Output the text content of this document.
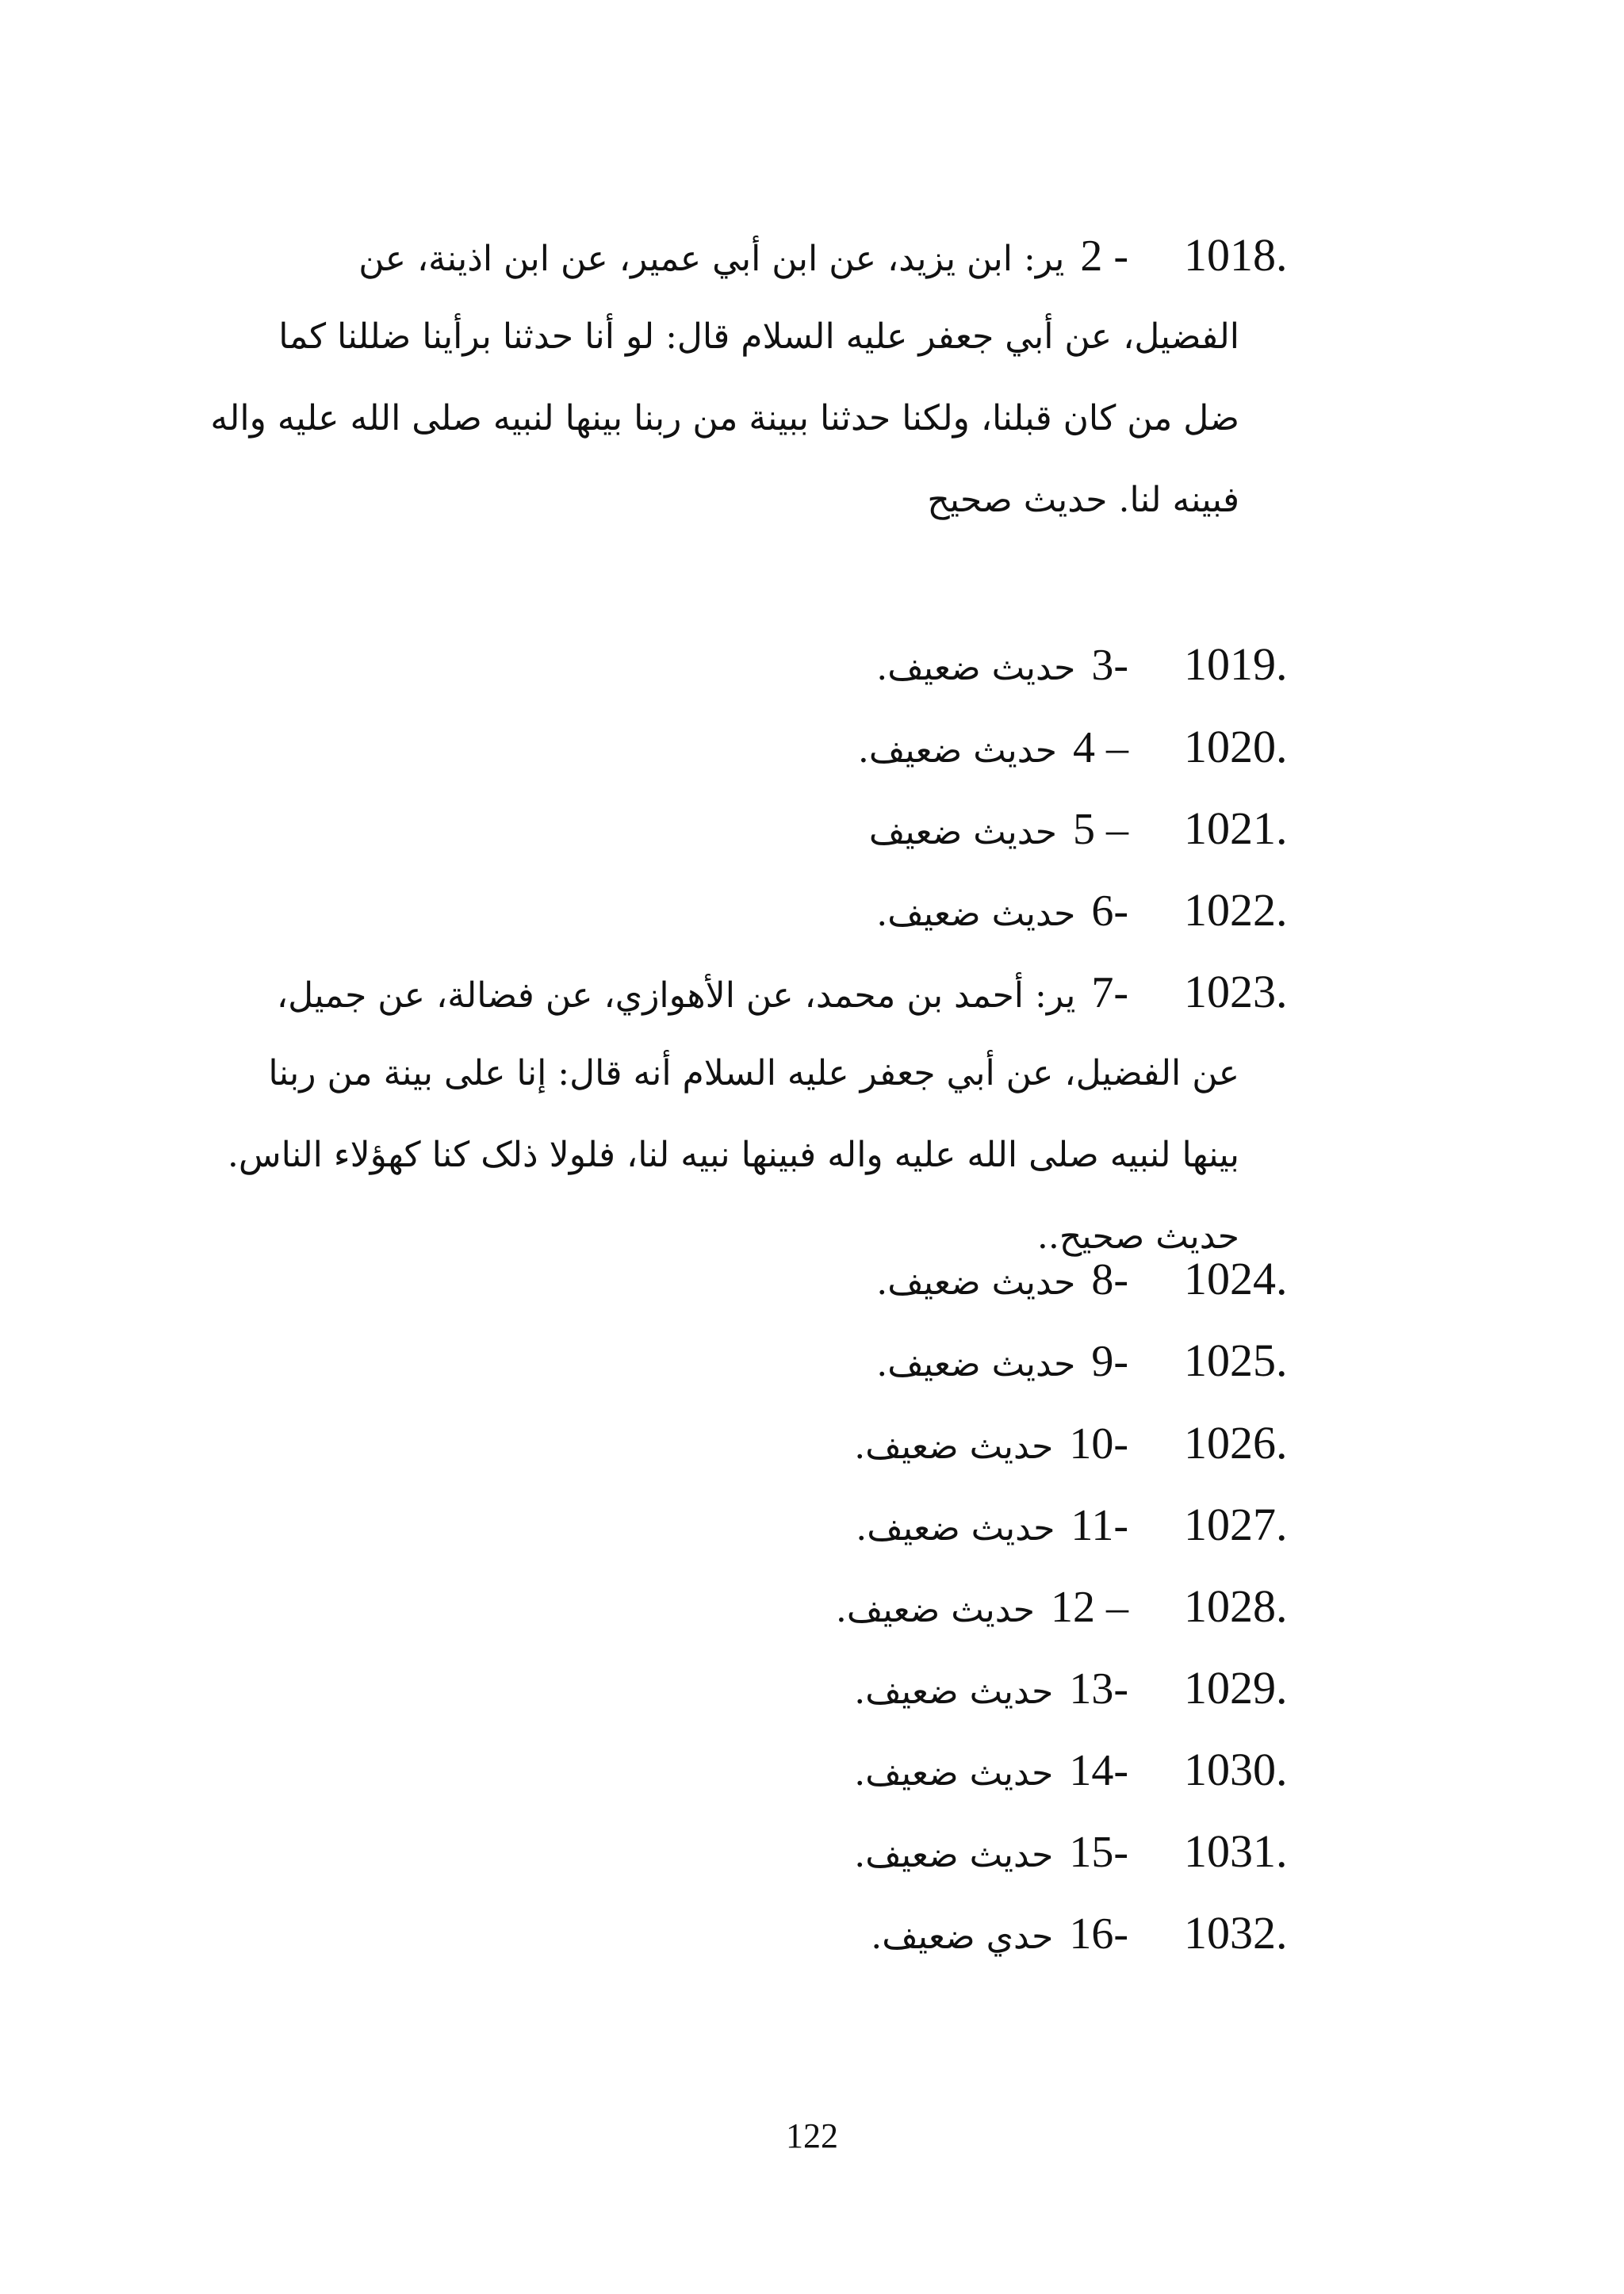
1018.
2 -
یر: ابن یزید، عن ابن أبي عمیر، عن ابن اذینة، عن
الفضیل، عن أبي جعفر علیه السلام قال: لو أنا حدثنا برأینا ضللنا کما
ضل من کان قبلنا، ولکنا حدثنا ببینة من ربنا بینها لنبیه صلی الله علیه واله
فبینه لنا. حدیث صحیح
1019.
3-
حدیث ضعیف.
1020.
4 –
حدیث ضعیف.
1021.
5 –
حدیث ضعیف
1022.
6-
حدیث ضعیف.
1023.
7-
یر: أحمد بن محمد، عن الأهوازي، عن فضالة، عن جمیل،
عن الفضیل، عن أبي جعفر علیه السلام أنه قال: إنا علی بینة من ربنا
بینها لنبیه صلی الله علیه واله فبینها نبیه لنا، فلولا ذلک کنا کهؤلاء الناس.
حدیث صحیح..
1024.
8-
حدیث ضعیف.
1025.
9-
حدیث ضعیف.
1026.
10-
حدیث ضعیف.
1027.
11-
حدیث ضعیف.
1028.
12 –
حدیث ضعیف.
1029.
13-
حدیث ضعیف.
1030.
14-
حدیث ضعیف.
1031.
15-
حدیث ضعیف.
1032.
16-
حدي ضعیف.
122
